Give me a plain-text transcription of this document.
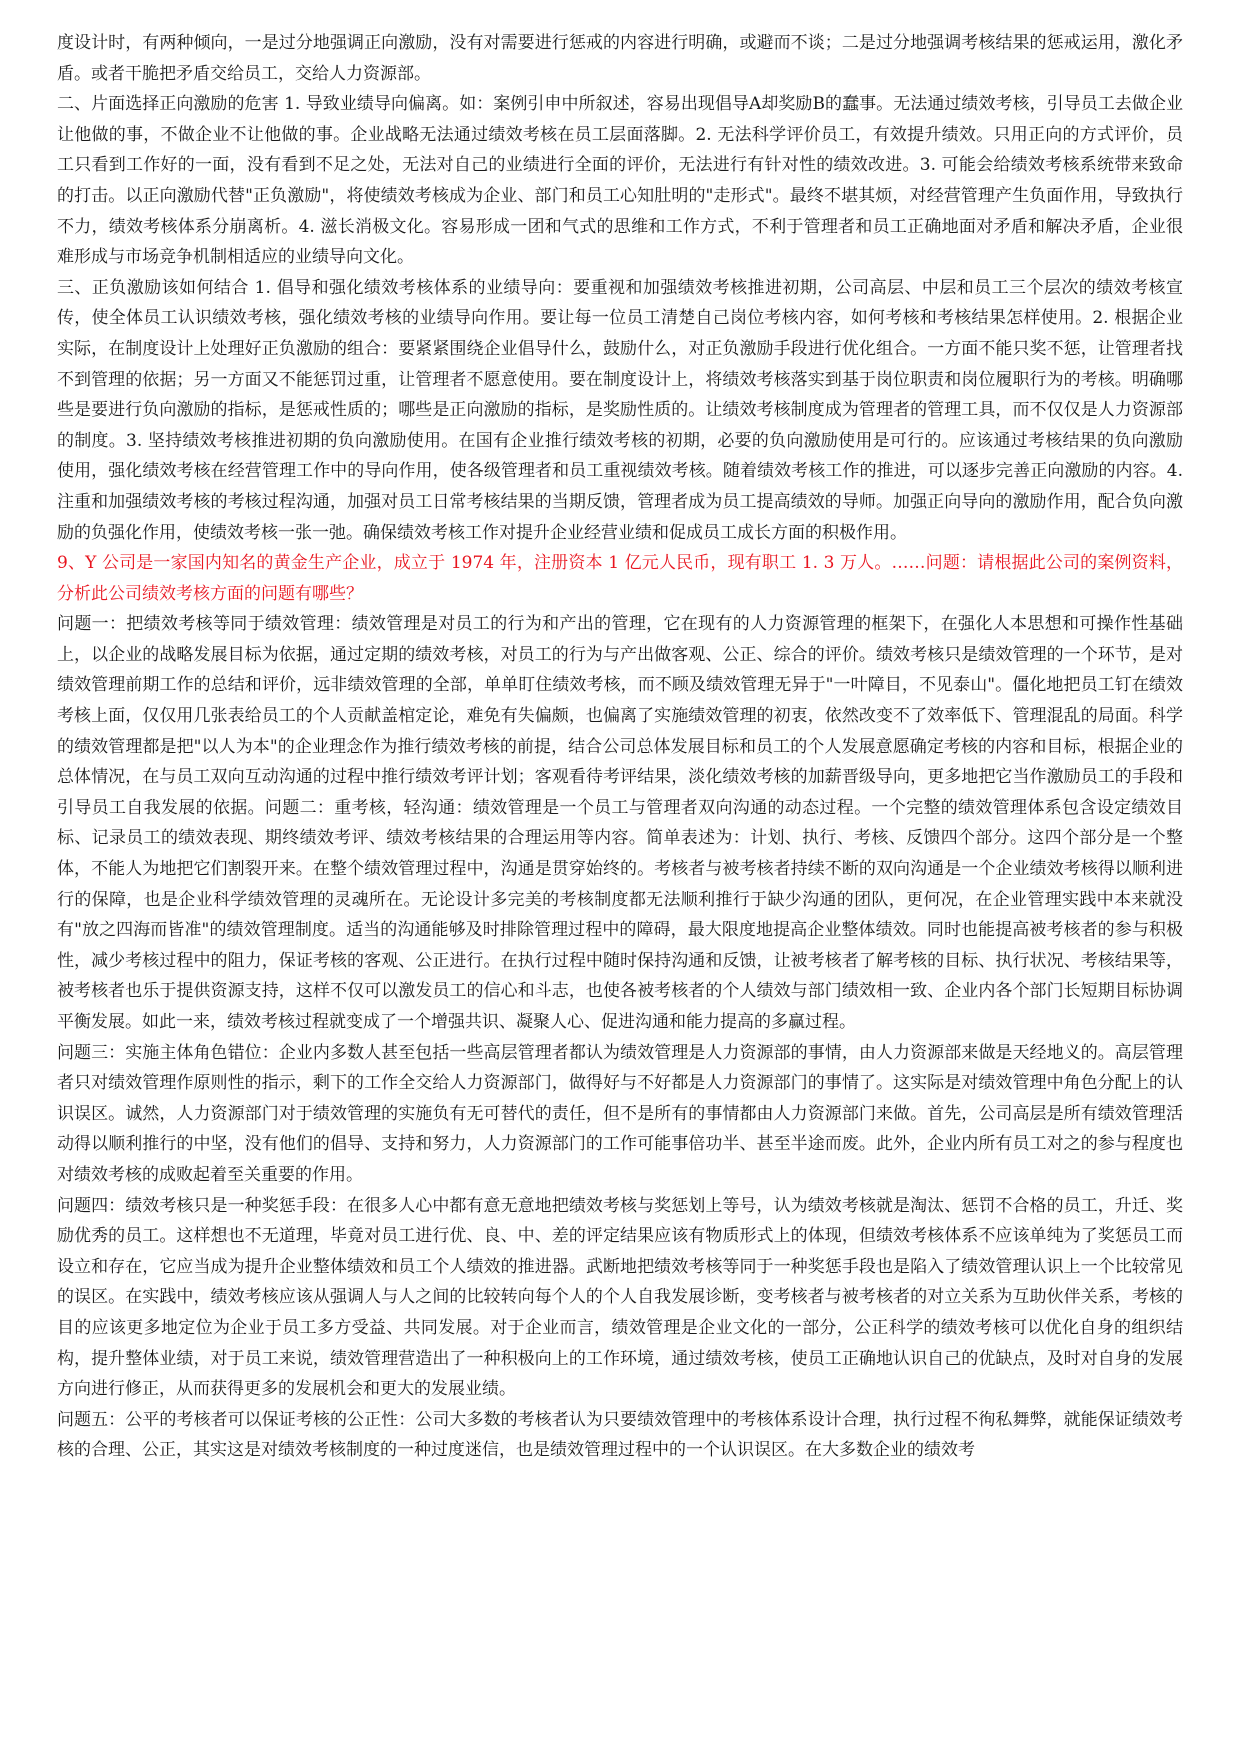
度设计时，有两种倾向，一是过分地强调正向激励，没有对需要进行惩戒的内容进行明确，或避而不谈；二是过分地强调考核结果的惩戒运用，激化矛盾。或者干脆把矛盾交给员工，交给人力资源部。

二、片面选择正向激励的危害 1. 导致业绩导向偏离。如：案例引申中所叙述，容易出现倡导A却奖励B的蠢事。无法通过绩效考核，引导员工去做企业让他做的事，不做企业不让他做的事。企业战略无法通过绩效考核在员工层面落脚。2. 无法科学评价员工，有效提升绩效。只用正向的方式评价，员工只看到工作好的一面，没有看到不足之处，无法对自己的业绩进行全面的评价，无法进行有针对性的绩效改进。3. 可能会给绩效考核系统带来致命的打击。以正向激励代替"正负激励"，将使绩效考核成为企业、部门和员工心知肚明的"走形式"。最终不堪其烦，对经营管理产生负面作用，导致执行不力，绩效考核体系分崩离析。4. 滋长消极文化。容易形成一团和气式的思维和工作方式，不利于管理者和员工正确地面对矛盾和解决矛盾，企业很难形成与市场竞争机制相适应的业绩导向文化。

三、正负激励该如何结合 1. 倡导和强化绩效考核体系的业绩导向：要重视和加强绩效考核推进初期，公司高层、中层和员工三个层次的绩效考核宣传，使全体员工认识绩效考核，强化绩效考核的业绩导向作用。要让每一位员工清楚自己岗位考核内容，如何考核和考核结果怎样使用。2. 根据企业实际，在制度设计上处理好正负激励的组合：要紧紧围绕企业倡导什么，鼓励什么，对正负激励手段进行优化组合。一方面不能只奖不惩，让管理者找不到管理的依据；另一方面又不能惩罚过重，让管理者不愿意使用。要在制度设计上，将绩效考核落实到基于岗位职责和岗位履职行为的考核。明确哪些是要进行负向激励的指标，是惩戒性质的；哪些是正向激励的指标，是奖励性质的。让绩效考核制度成为管理者的管理工具，而不仅仅是人力资源部的制度。3. 坚持绩效考核推进初期的负向激励使用。在国有企业推行绩效考核的初期，必要的负向激励使用是可行的。应该通过考核结果的负向激励使用，强化绩效考核在经营管理工作中的导向作用，使各级管理者和员工重视绩效考核。随着绩效考核工作的推进，可以逐步完善正向激励的内容。4. 注重和加强绩效考核的考核过程沟通，加强对员工日常考核结果的当期反馈，管理者成为员工提高绩效的导师。加强正向导向的激励作用，配合负向激励的负强化作用，使绩效考核一张一弛。确保绩效考核工作对提升企业经营业绩和促成员工成长方面的积极作用。

9、Y 公司是一家国内知名的黄金生产企业，成立于 1974 年，注册资本 1 亿元人民币，现有职工 1. 3 万人。……问题：请根据此公司的案例资料，分析此公司绩效考核方面的问题有哪些？

问题一：把绩效考核等同于绩效管理：绩效管理是对员工的行为和产出的管理，它在现有的人力资源管理的框架下，在强化人本思想和可操作性基础上，以企业的战略发展目标为依据，通过定期的绩效考核，对员工的行为与产出做客观、公正、综合的评价。绩效考核只是绩效管理的一个环节，是对绩效管理前期工作的总结和评价，远非绩效管理的全部，单单盯住绩效考核，而不顾及绩效管理无异于"一叶障目，不见泰山"。僵化地把员工钉在绩效考核上面，仅仅用几张表给员工的个人贡献盖棺定论，难免有失偏颇，也偏离了实施绩效管理的初衷，依然改变不了效率低下、管理混乱的局面。科学的绩效管理都是把"以人为本"的企业理念作为推行绩效考核的前提，结合公司总体发展目标和员工的个人发展意愿确定考核的内容和目标，根据企业的总体情况，在与员工双向互动沟通的过程中推行绩效考评计划；客观看待考评结果，淡化绩效考核的加薪晋级导向，更多地把它当作激励员工的手段和引导员工自我发展的依据。问题二：重考核，轻沟通：绩效管理是一个员工与管理者双向沟通的动态过程。一个完整的绩效管理体系包含设定绩效目标、记录员工的绩效表现、期终绩效考评、绩效考核结果的合理运用等内容。简单表述为：计划、执行、考核、反馈四个部分。这四个部分是一个整体，不能人为地把它们割裂开来。在整个绩效管理过程中，沟通是贯穿始终的。考核者与被考核者持续不断的双向沟通是一个企业绩效考核得以顺利进行的保障，也是企业科学绩效管理的灵魂所在。无论设计多完美的考核制度都无法顺利推行于缺少沟通的团队，更何况，在企业管理实践中本来就没有"放之四海而皆准"的绩效管理制度。适当的沟通能够及时排除管理过程中的障碍，最大限度地提高企业整体绩效。同时也能提高被考核者的参与积极性，减少考核过程中的阻力，保证考核的客观、公正进行。在执行过程中随时保持沟通和反馈，让被考核者了解考核的目标、执行状况、考核结果等，被考核者也乐于提供资源支持，这样不仅可以激发员工的信心和斗志，也使各被考核者的个人绩效与部门绩效相一致、企业内各个部门长短期目标协调平衡发展。如此一来，绩效考核过程就变成了一个增强共识、凝聚人心、促进沟通和能力提高的多赢过程。

问题三：实施主体角色错位：企业内多数人甚至包括一些高层管理者都认为绩效管理是人力资源部的事情，由人力资源部来做是天经地义的。高层管理者只对绩效管理作原则性的指示，剩下的工作全交给人力资源部门，做得好与不好都是人力资源部门的事情了。这实际是对绩效管理中角色分配上的认识误区。诚然，人力资源部门对于绩效管理的实施负有无可替代的责任，但不是所有的事情都由人力资源部门来做。首先，公司高层是所有绩效管理活动得以顺利推行的中坚，没有他们的倡导、支持和努力，人力资源部门的工作可能事倍功半、甚至半途而废。此外，企业内所有员工对之的参与程度也对绩效考核的成败起着至关重要的作用。

问题四：绩效考核只是一种奖惩手段：在很多人心中都有意无意地把绩效考核与奖惩划上等号，认为绩效考核就是淘汰、惩罚不合格的员工，升迁、奖励优秀的员工。这样想也不无道理，毕竟对员工进行优、良、中、差的评定结果应该有物质形式上的体现，但绩效考核体系不应该单纯为了奖惩员工而设立和存在，它应当成为提升企业整体绩效和员工个人绩效的推进器。武断地把绩效考核等同于一种奖惩手段也是陷入了绩效管理认识上一个比较常见的误区。在实践中，绩效考核应该从强调人与人之间的比较转向每个人的个人自我发展诊断，变考核者与被考核者的对立关系为互助伙伴关系，考核的目的应该更多地定位为企业于员工多方受益、共同发展。对于企业而言，绩效管理是企业文化的一部分，公正科学的绩效考核可以优化自身的组织结构，提升整体业绩，对于员工来说，绩效管理营造出了一种积极向上的工作环境，通过绩效考核，使员工正确地认识自己的优缺点，及时对自身的发展方向进行修正，从而获得更多的发展机会和更大的发展业绩。

问题五：公平的考核者可以保证考核的公正性：公司大多数的考核者认为只要绩效管理中的考核体系设计合理，执行过程不徇私舞弊，就能保证绩效考核的合理、公正，其实这是对绩效考核制度的一种过度迷信，也是绩效管理过程中的一个认识误区。在大多数企业的绩效考
